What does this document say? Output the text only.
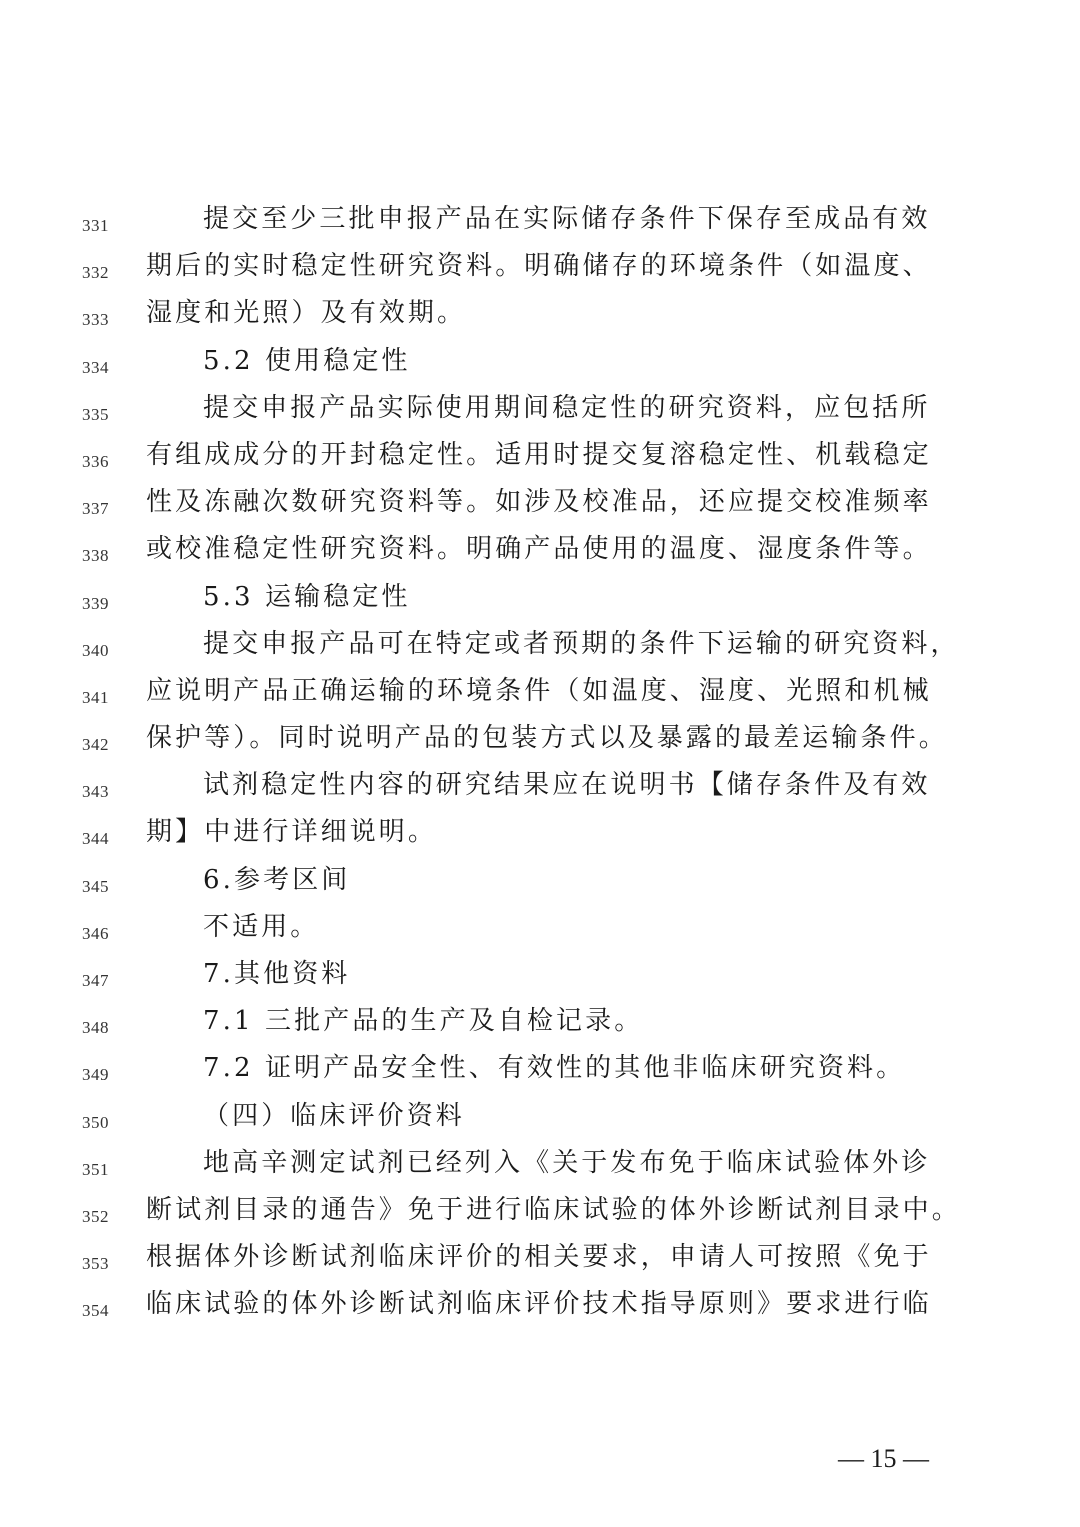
331	提交至少三批申报产品在实际储存条件下保存至成品有效
332	期后的实时稳定性研究资料。明确储存的环境条件（如温度、
333	湿度和光照）及有效期。
334	5.2 使用稳定性
335	提交申报产品实际使用期间稳定性的研究资料，应包括所
336	有组成成分的开封稳定性。适用时提交复溶稳定性、机载稳定
337	性及冻融次数研究资料等。如涉及校准品，还应提交校准频率
338	或校准稳定性研究资料。明确产品使用的温度、湿度条件等。
339	5.3 运输稳定性
340	提交申报产品可在特定或者预期的条件下运输的研究资料，
341	应说明产品正确运输的环境条件（如温度、湿度、光照和机械
342	保护等）。同时说明产品的包装方式以及暴露的最差运输条件。
343	试剂稳定性内容的研究结果应在说明书【储存条件及有效
344	期】中进行详细说明。
345	6.参考区间
346	不适用。
347	7.其他资料
348	7.1 三批产品的生产及自检记录。
349	7.2 证明产品安全性、有效性的其他非临床研究资料。
350	（四）临床评价资料
351	地高辛测定试剂已经列入《关于发布免于临床试验体外诊
352	断试剂目录的通告》免于进行临床试验的体外诊断试剂目录中。
353	根据体外诊断试剂临床评价的相关要求，申请人可按照《免于
354	临床试验的体外诊断试剂临床评价技术指导原则》要求进行临
— 15 —
